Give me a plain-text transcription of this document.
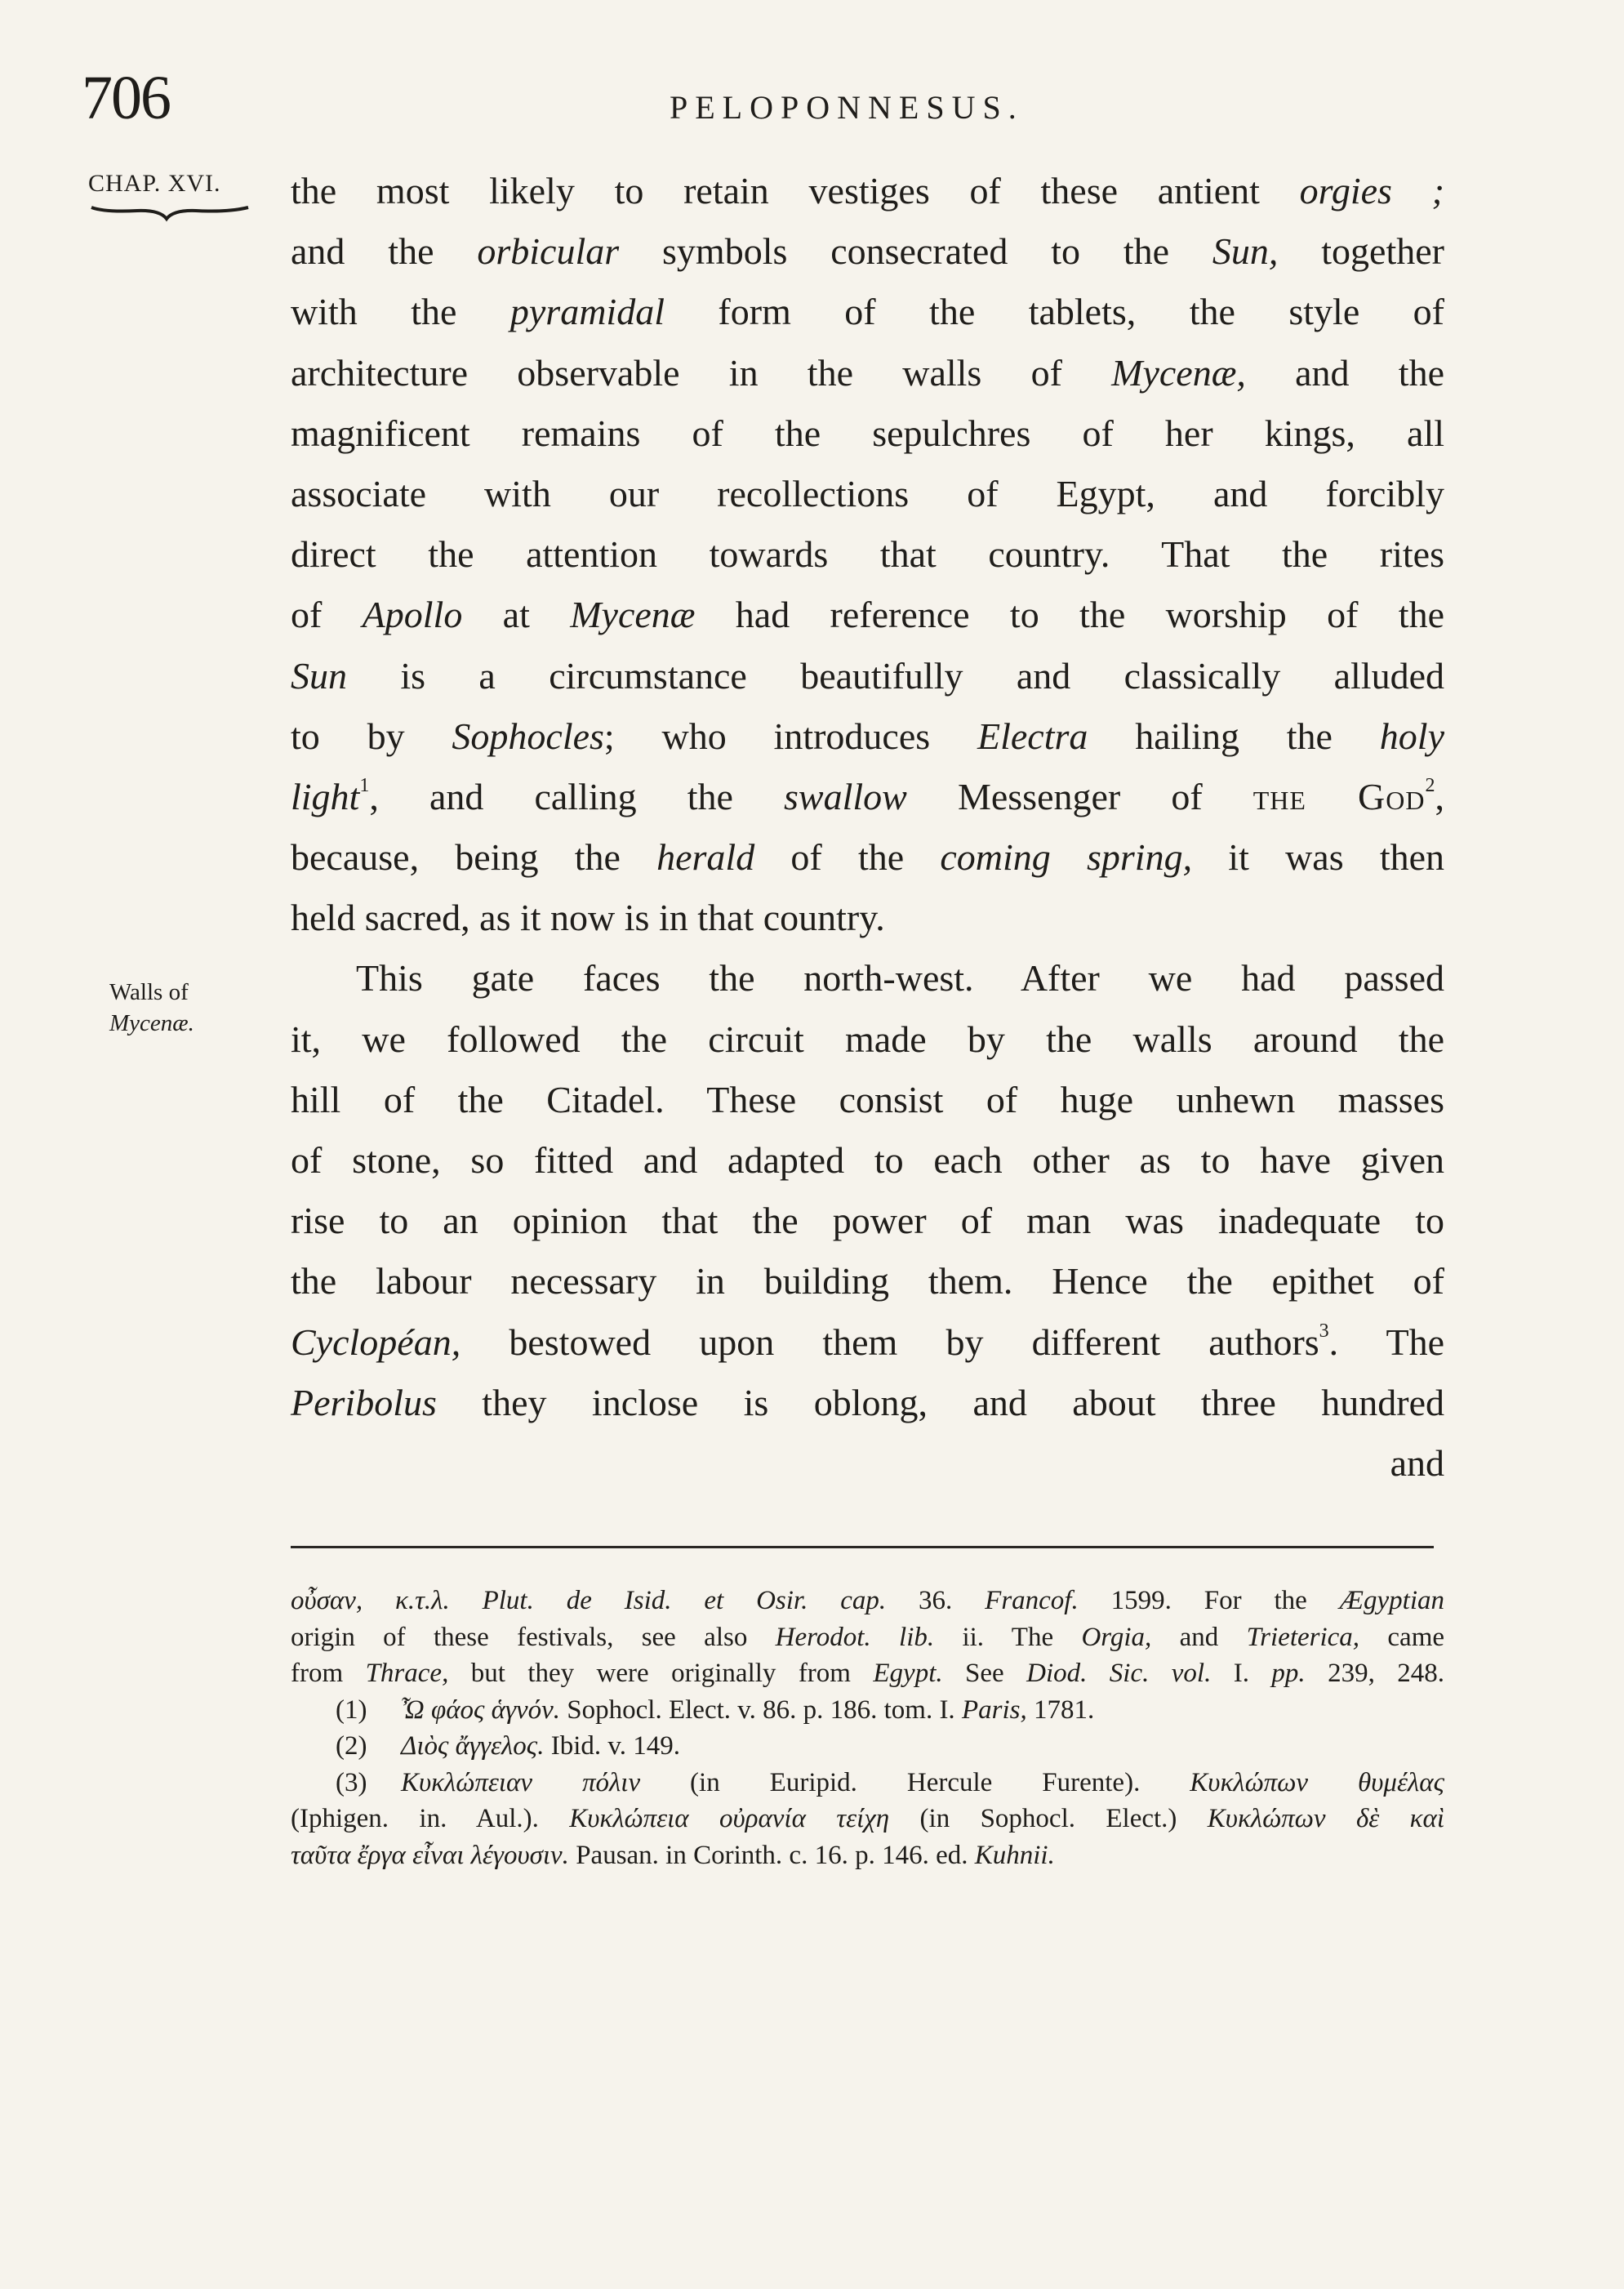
706	PELOPONNESUS.
CHAP. XVI.
Walls of
Mycenæ.
the most likely to retain vestiges of these antient orgies ;
and the orbicular symbols consecrated to the Sun, together
with the pyramidal form of the tablets, the style of
architecture observable in the walls of Mycenæ, and the
magnificent remains of the sepulchres of her kings, all
associate with our recollections of Egypt, and forcibly
direct the attention towards that country. That the rites
of Apollo at Mycenæ had reference to the worship of the
Sun is a circumstance beautifully and classically alluded
to by Sophocles; who introduces Electra hailing the holy
light$^1$, and calling the swallow Messenger of the God$^2$,
because, being the herald of the coming spring, it was then
held sacred, as it now is in that country.
This gate faces the north-west. After we had passed
it, we followed the circuit made by the walls around the
hill of the Citadel. These consist of huge unhewn masses
of stone, so fitted and adapted to each other as to have given
rise to an opinion that the power of man was inadequate to
the labour necessary in building them. Hence the epithet of
Cyclopéan, bestowed upon them by different authors$^3$. The
Peribolus they inclose is oblong, and about three hundred
and
οὖσαν, κ.τ.λ. Plut. de Isid. et Osir. cap. 36. Francof. 1599. For the Ægyptian
origin of these festivals, see also Herodot. lib. ii. The Orgia, and Trieterica, came
from Thrace, but they were originally from Egypt. See Diod. Sic. vol. I. pp. 239, 248.
(1) Ὦ φάος ἁγνόν. Sophocl. Elect. v. 86. p. 186. tom. I. Paris, 1781.
(2) Διὸς ἄγγελος. Ibid. v. 149.
(3) Κυκλώπειαν πόλιν (in Euripid. Hercule Furente). Κυκλώπων θυμέλας
(Iphigen. in. Aul.). Κυκλώπεια οὐρανία τείχη (in Sophocl. Elect.) Κυκλώπων δὲ καὶ
ταῦτα ἔργα εἶναι λέγουσιν. Pausan. in Corinth. c. 16. p. 146. ed. Kuhnii.
